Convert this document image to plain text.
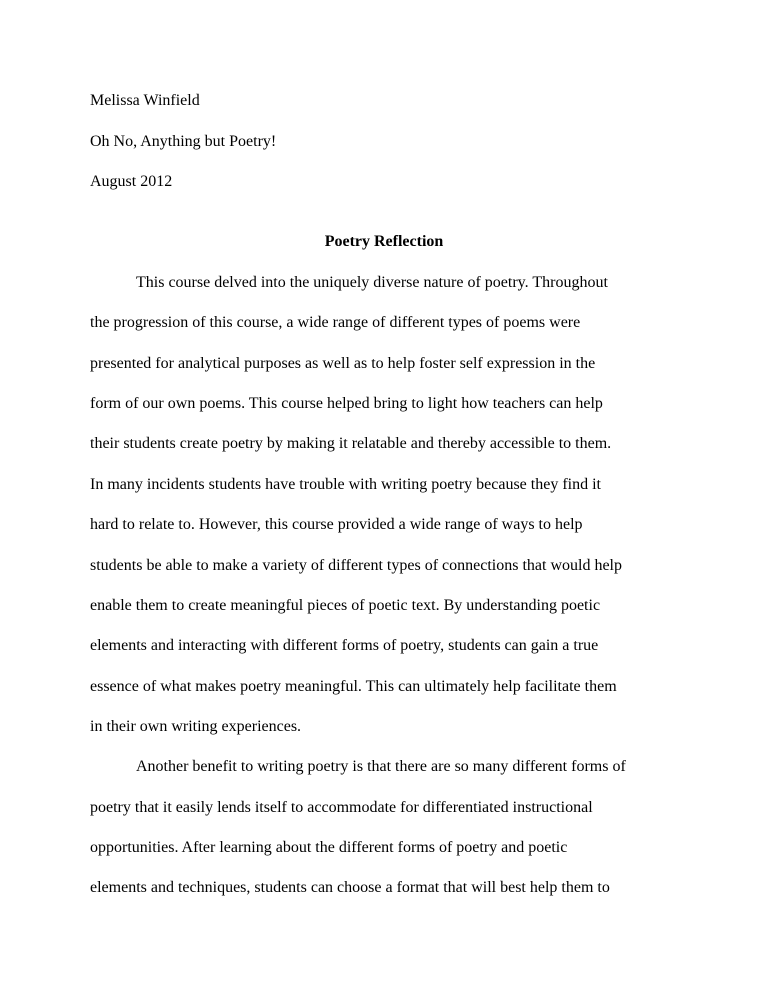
Melissa Winfield

Oh No, Anything but Poetry!

August 2012

Poetry Reflection

This course delved into the uniquely diverse nature of poetry. Throughout

the progression of this course, a wide range of different types of poems were

presented for analytical purposes as well as to help foster self expression in the

form of our own poems. This course helped bring to light how teachers can help

their students create poetry by making it relatable and thereby accessible to them.

In many incidents students have trouble with writing poetry because they find it

hard to relate to. However, this course provided a wide range of ways to help

students be able to make a variety of different types of connections that would help

enable them to create meaningful pieces of poetic text. By understanding poetic

elements and interacting with different forms of poetry, students can gain a true

essence of what makes poetry meaningful. This can ultimately help facilitate them

in their own writing experiences.

Another benefit to writing poetry is that there are so many different forms of

poetry that it easily lends itself to accommodate for differentiated instructional

opportunities. After learning about the different forms of poetry and poetic

elements and techniques, students can choose a format that will best help them to
